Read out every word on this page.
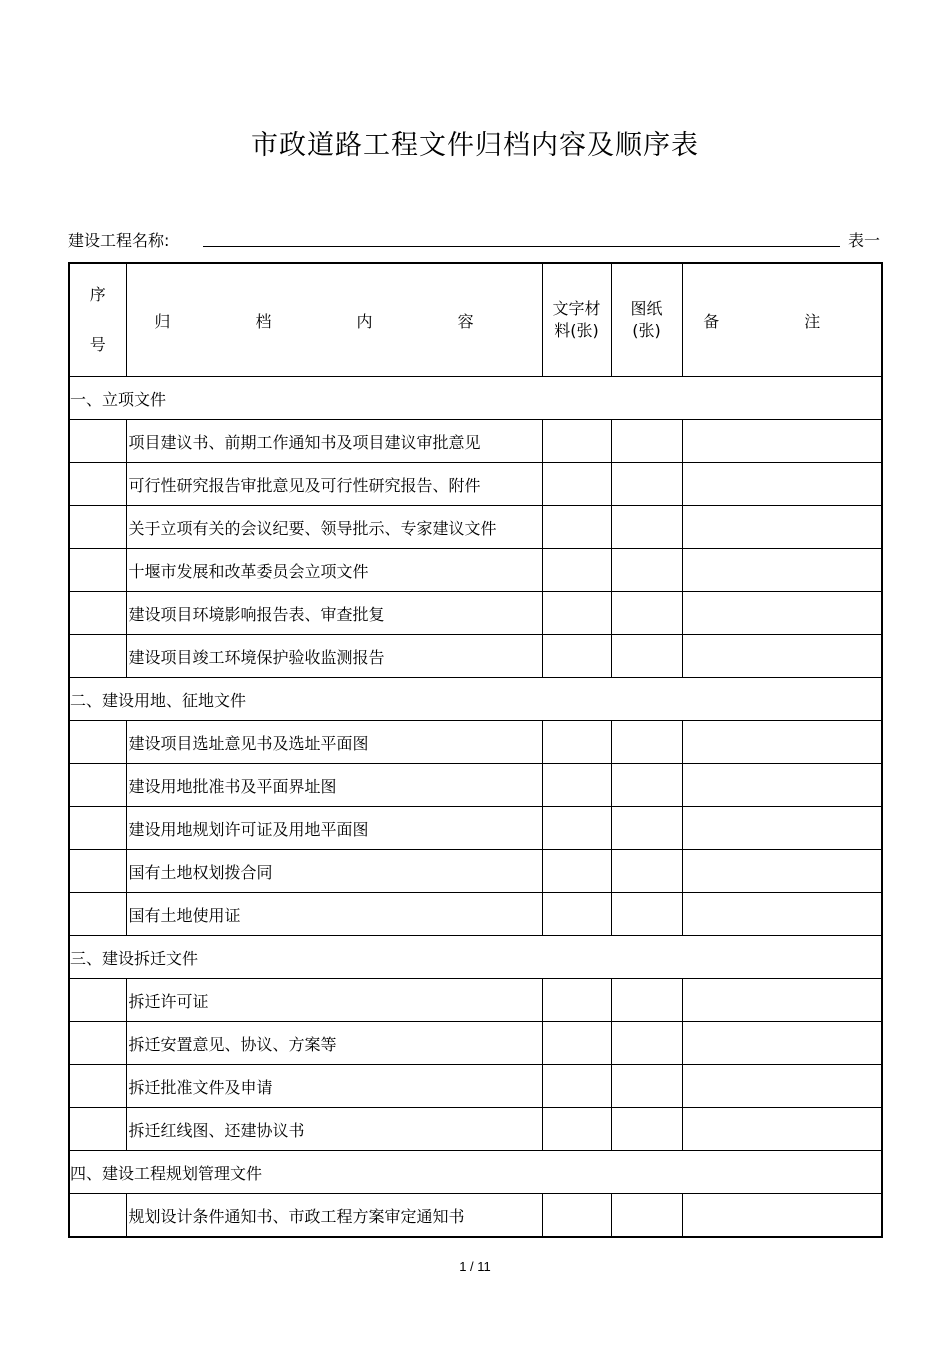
市政道路工程文件归档内容及顺序表
建设工程名称:	表一
序
号	归 档 内 容	文字材料(张)	图纸(张)	备 注
一、立项文件				
	项目建议书、前期工作通知书及项目建议审批意见			
	可行性研究报告审批意见及可行性研究报告、附件			
	关于立项有关的会议纪要、领导批示、专家建议文件			
	十堰市发展和改革委员会立项文件			
	建设项目环境影响报告表、审查批复			
	建设项目竣工环境保护验收监测报告			
二、建设用地、征地文件				
	建设项目选址意见书及选址平面图			
	建设用地批准书及平面界址图			
	建设用地规划许可证及用地平面图			
	国有土地权划拨合同			
	国有土地使用证			
三、建设拆迁文件				
	拆迁许可证			
	拆迁安置意见、协议、方案等			
	拆迁批准文件及申请			
	拆迁红线图、还建协议书			
四、建设工程规划管理文件				
	规划设计条件通知书、市政工程方案审定通知书			
1 / 11
